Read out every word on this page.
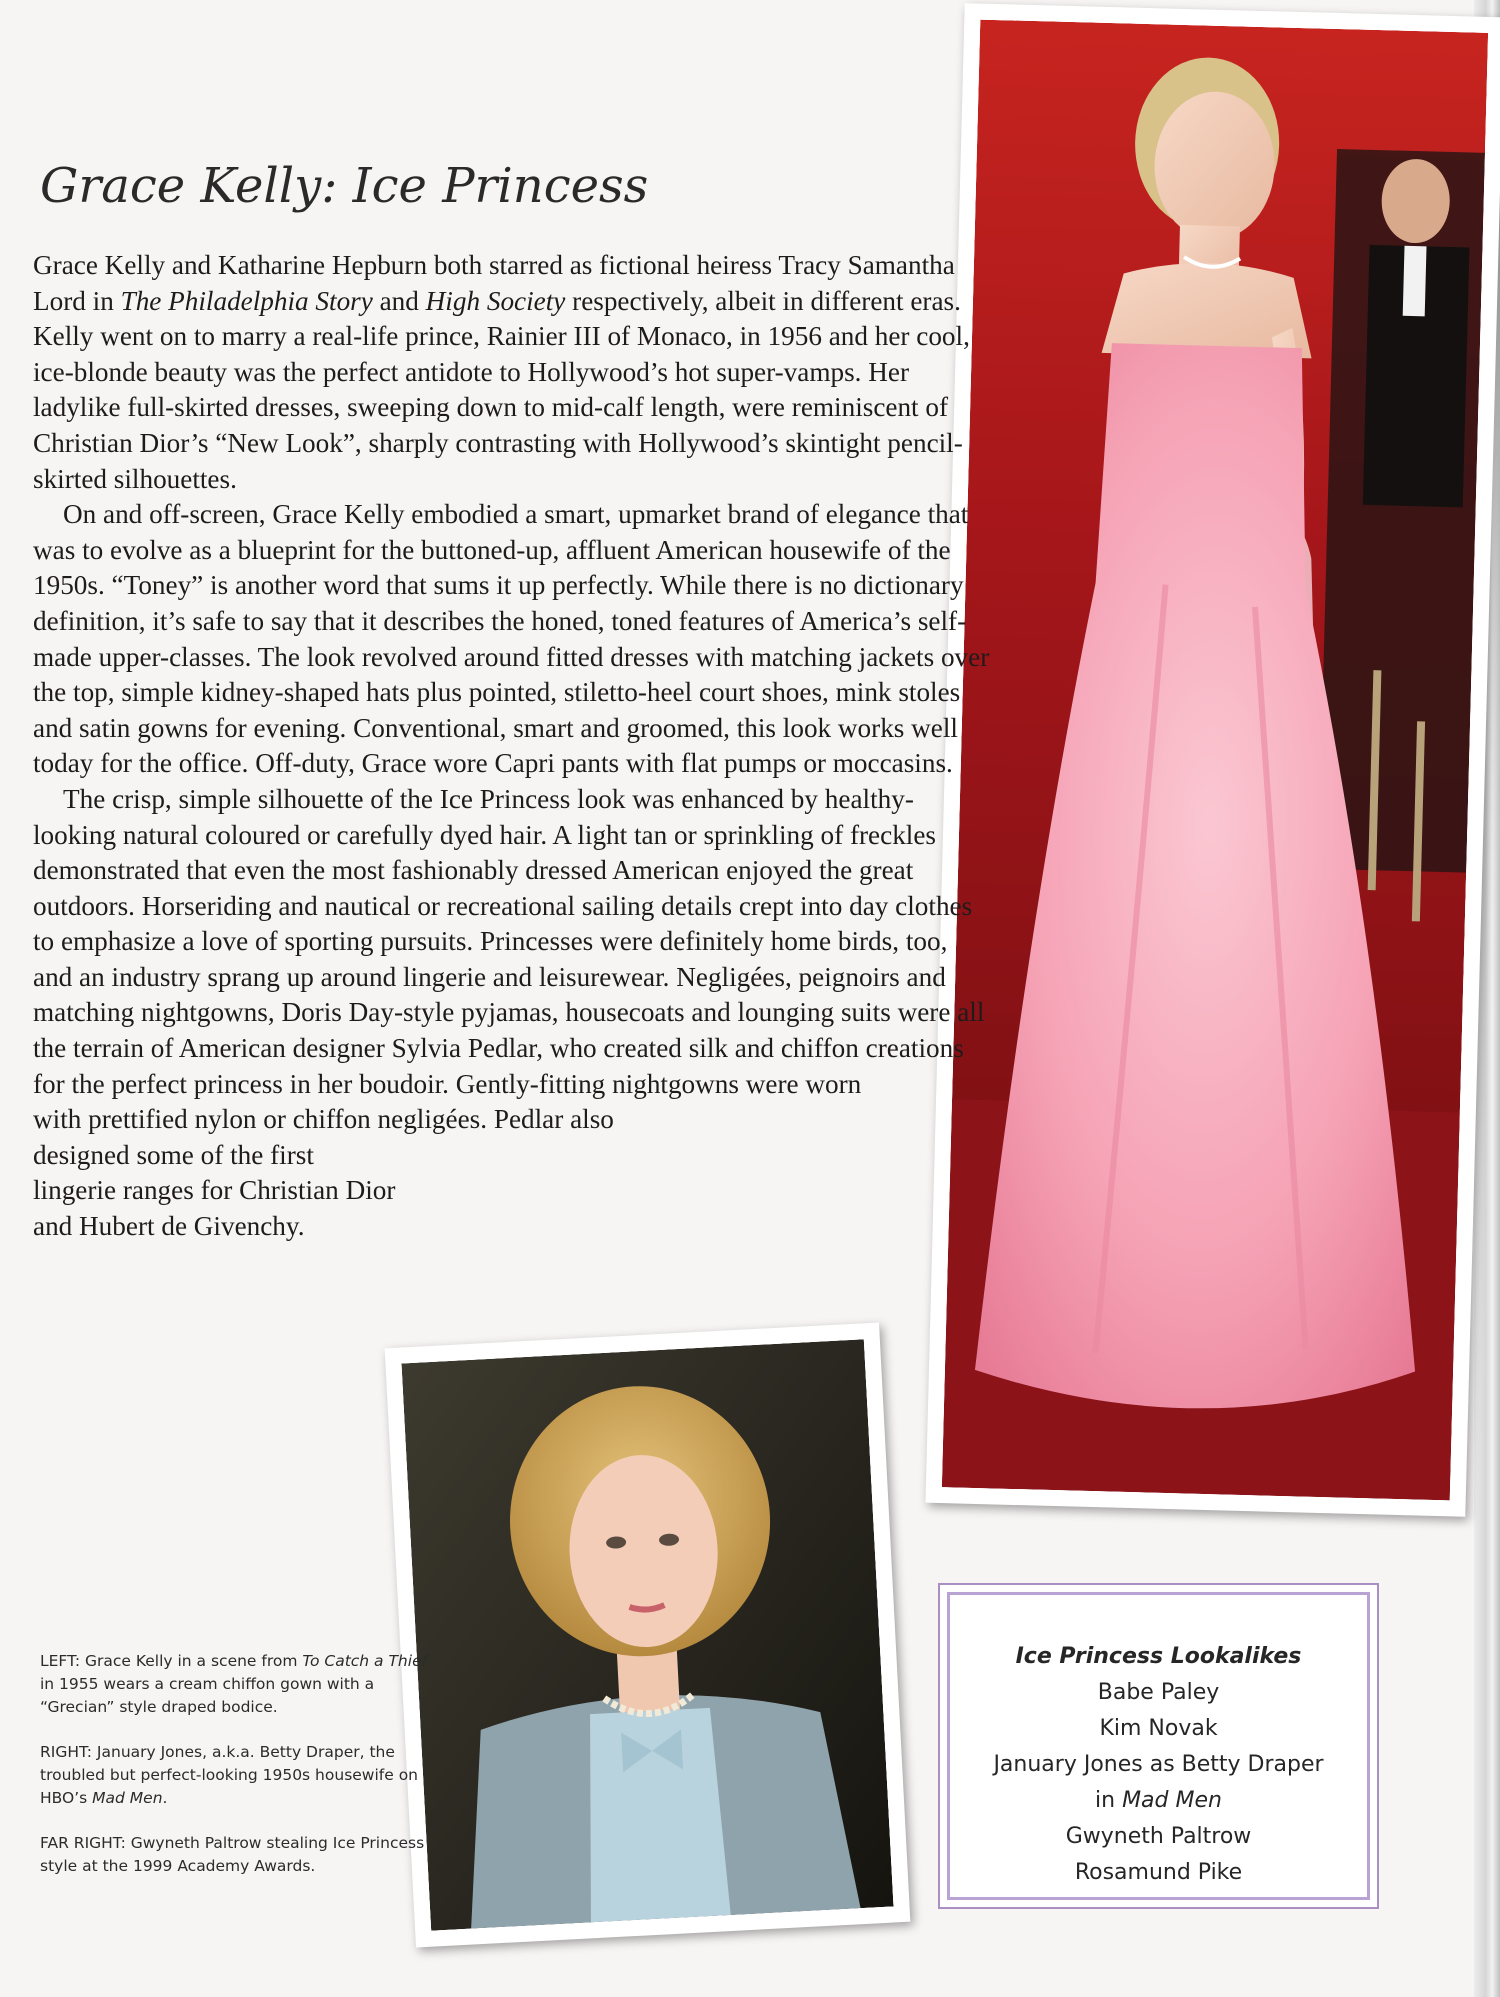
Grace Kelly: Ice Princess

Grace Kelly and Katharine Hepburn both starred as fictional heiress Tracy Samantha Lord in The Philadelphia Story and High Society respectively, albeit in different eras. Kelly went on to marry a real-life prince, Rainier III of Monaco, in 1956 and her cool, ice-blonde beauty was the perfect antidote to Hollywood’s hot super-vamps. Her ladylike full-skirted dresses, sweeping down to mid-calf length, were reminiscent of Christian Dior’s “New Look”, sharply contrasting with Hollywood’s skintight pencil-skirted silhouettes.

On and off-screen, Grace Kelly embodied a smart, upmarket brand of elegance that was to evolve as a blueprint for the buttoned-up, affluent American housewife of the 1950s. “Toney” is another word that sums it up perfectly. While there is no dictionary definition, it’s safe to say that it describes the honed, toned features of America’s self-made upper-classes. The look revolved around fitted dresses with matching jackets over the top, simple kidney-shaped hats plus pointed, stiletto-heel court shoes, mink stoles and satin gowns for evening. Conventional, smart and groomed, this look works well today for the office. Off-duty, Grace wore Capri pants with flat pumps or moccasins.

The crisp, simple silhouette of the Ice Princess look was enhanced by healthy-looking natural coloured or carefully dyed hair. A light tan or sprinkling of freckles demonstrated that even the most fashionably dressed American enjoyed the great outdoors. Horseriding and nautical or recreational sailing details crept into day clothes to emphasize a love of sporting pursuits. Princesses were definitely home birds, too, and an industry sprang up around lingerie and leisurewear. Negligées, peignoirs and matching nightgowns, Doris Day-style pyjamas, housecoats and lounging suits were all the terrain of American designer Sylvia Pedlar, who created silk and chiffon creations for the perfect princess in her boudoir. Gently-fitting nightgowns were worn with prettified nylon or chiffon negligées. Pedlar also designed some of the first lingerie ranges for Christian Dior and Hubert de Givenchy.

LEFT: Grace Kelly in a scene from To Catch a Thief in 1955 wears a cream chiffon gown with a “Grecian” style draped bodice.

RIGHT: January Jones, a.k.a. Betty Draper, the troubled but perfect-looking 1950s housewife on HBO’s Mad Men.

FAR RIGHT: Gwyneth Paltrow stealing Ice Princess style at the 1999 Academy Awards.

Ice Princess Lookalikes
Babe Paley
Kim Novak
January Jones as Betty Draper
in Mad Men
Gwyneth Paltrow
Rosamund Pike
